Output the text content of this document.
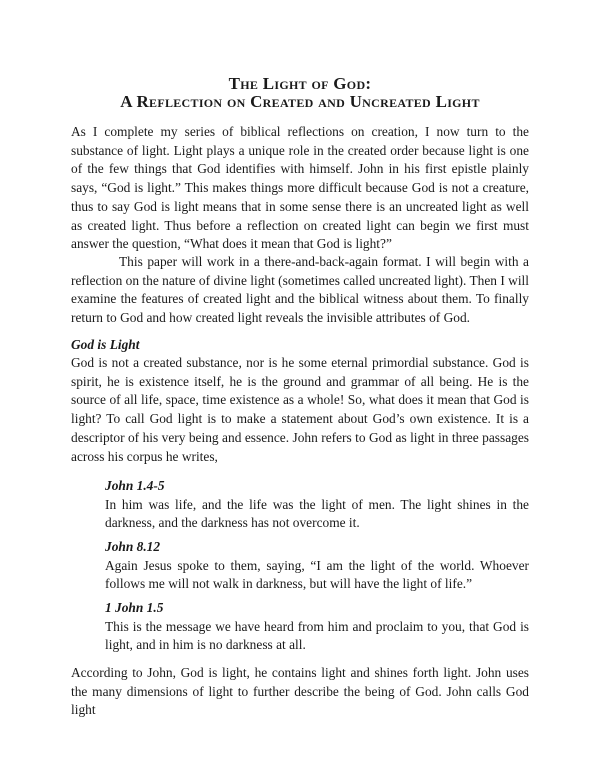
The Light of God:
A Reflection on Created and Uncreated Light

As I complete my series of biblical reflections on creation, I now turn to the substance of light. Light plays a unique role in the created order because light is one of the few things that God identifies with himself. John in his first epistle plainly says, “God is light.” This makes things more difficult because God is not a creature, thus to say God is light means that in some sense there is an uncreated light as well as created light. Thus before a reflection on created light can begin we first must answer the question, “What does it mean that God is light?”

This paper will work in a there-and-back-again format. I will begin with a reflection on the nature of divine light (sometimes called uncreated light). Then I will examine the features of created light and the biblical witness about them. To finally return to God and how created light reveals the invisible attributes of God.

God is Light

God is not a created substance, nor is he some eternal primordial substance. God is spirit, he is existence itself, he is the ground and grammar of all being. He is the source of all life, space, time existence as a whole! So, what does it mean that God is light? To call God light is to make a statement about God’s own existence. It is a descriptor of his very being and essence. John refers to God as light in three passages across his corpus he writes,

John 1.4-5
In him was life, and the life was the light of men. The light shines in the darkness, and the darkness has not overcome it.
John 8.12
Again Jesus spoke to them, saying, “I am the light of the world. Whoever follows me will not walk in darkness, but will have the light of life.”
1 John 1.5
This is the message we have heard from him and proclaim to you, that God is light, and in him is no darkness at all.

According to John, God is light, he contains light and shines forth light. John uses the many dimensions of light to further describe the being of God. John calls God light
